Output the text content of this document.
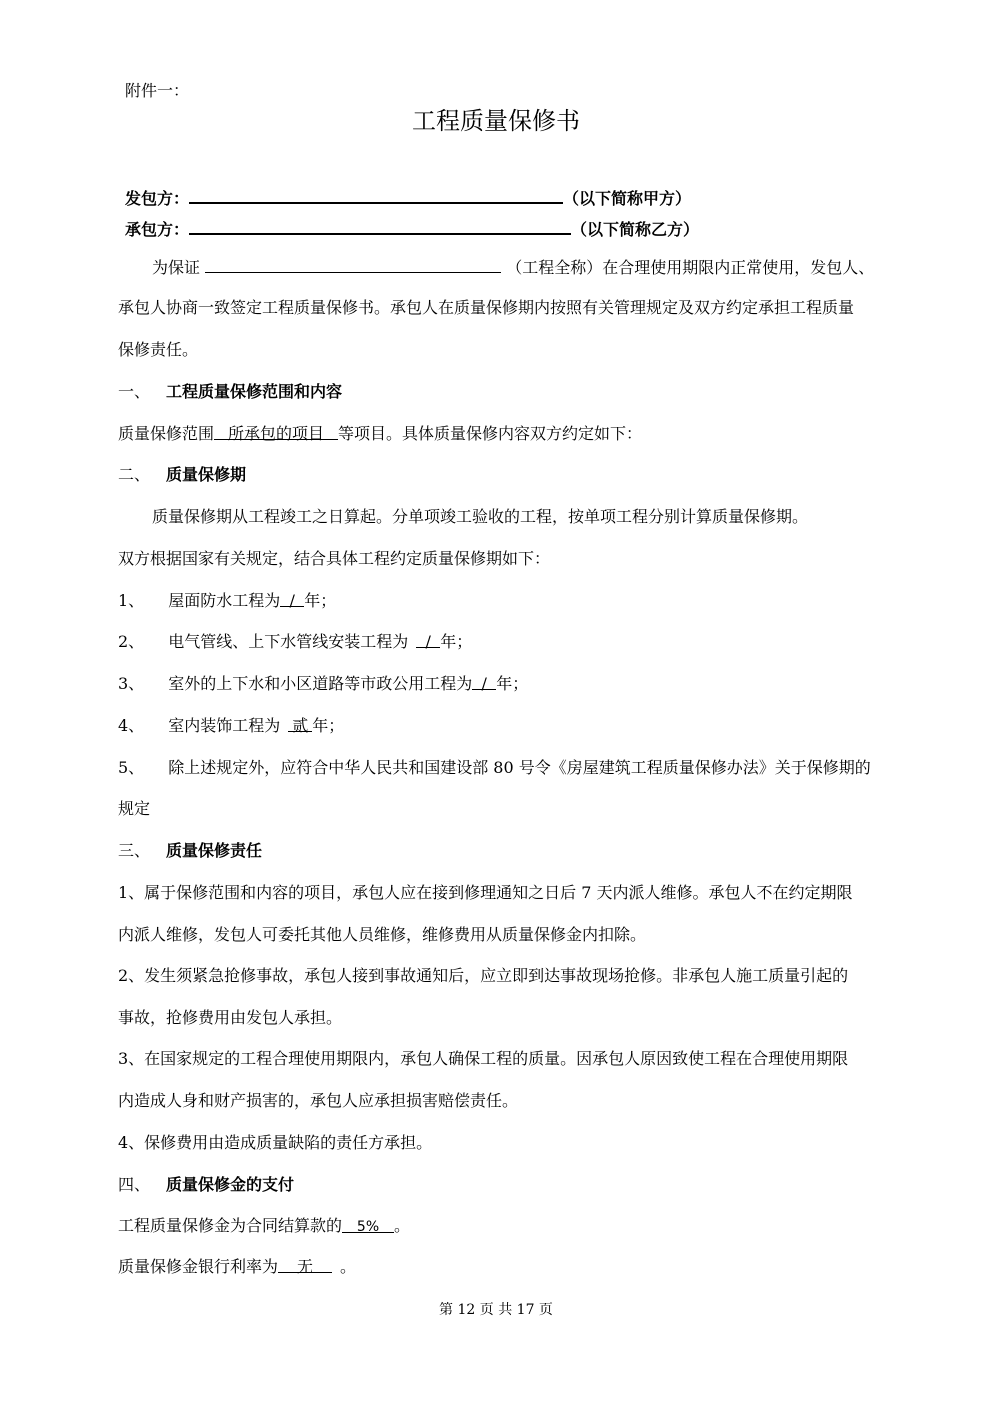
附件一：
工程质量保修书
发包方：	（以下简称甲方）
承包方：	（以下简称乙方）
为保证	（工程全称）在合理使用期限内正常使用，发包人、
承包人协商一致签定工程质量保修书。承包人在质量保修期内按照有关管理规定及双方约定承担工程质量
保修责任。
一、 工程质量保修范围和内容
质量保修范围 所承包的项目 等项目。具体质量保修内容双方约定如下：
二、 质量保修期
质量保修期从工程竣工之日算起。分单项竣工验收的工程，按单项工程分别计算质量保修期。
双方根据国家有关规定，结合具体工程约定质量保修期如下：
1、 屋面防水工程为 / 年；
2、 电气管线、上下水管线安装工程为 / 年；
3、 室外的上下水和小区道路等市政公用工程为 / 年；
4、 室内装饰工程为 贰 年；
5、 除上述规定外，应符合中华人民共和国建设部 80 号令《房屋建筑工程质量保修办法》关于保修期的
规定
三、 质量保修责任
1、属于保修范围和内容的项目，承包人应在接到修理通知之日后 7 天内派人维修。承包人不在约定期限
内派人维修，发包人可委托其他人员维修，维修费用从质量保修金内扣除。
2、发生须紧急抢修事故，承包人接到事故通知后，应立即到达事故现场抢修。非承包人施工质量引起的
事故，抢修费用由发包人承担。
3、在国家规定的工程合理使用期限内，承包人确保工程的质量。因承包人原因致使工程在合理使用期限
内造成人身和财产损害的，承包人应承担损害赔偿责任。
4、保修费用由造成质量缺陷的责任方承担。
四、 质量保修金的支付
工程质量保修金为合同结算款的 5% 。
质量保修金银行利率为 无 。
第 12 页 共 17 页
